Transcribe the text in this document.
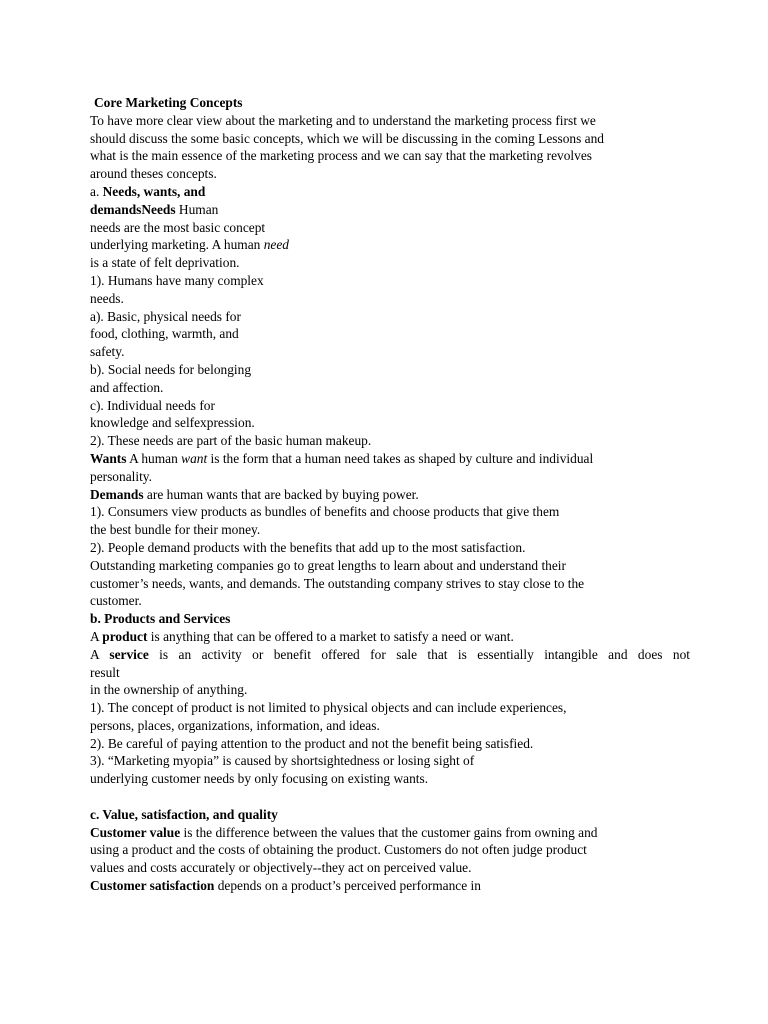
Core Marketing Concepts
To have more clear view about the marketing and to understand the marketing process first we
should discuss the some basic concepts, which we will be discussing in the coming Lessons and
what is the main essence of the marketing process and we can say that the marketing revolves
around theses concepts.
a. Needs, wants, and
demandsNeeds Human
needs are the most basic concept
underlying marketing. A human need
is a state of felt deprivation.
1). Humans have many complex
needs.
a). Basic, physical needs for
food, clothing, warmth, and
safety.
b). Social needs for belonging
and affection.
c). Individual needs for
knowledge and selfexpression.
2). These needs are part of the basic human makeup.
Wants A human want is the form that a human need takes as shaped by culture and individual
personality.
Demands are human wants that are backed by buying power.
1). Consumers view products as bundles of benefits and choose products that give them
the best bundle for their money.
2). People demand products with the benefits that add up to the most satisfaction.
Outstanding marketing companies go to great lengths to learn about and understand their
customer’s needs, wants, and demands. The outstanding company strives to stay close to the
customer.
b. Products and Services
A product is anything that can be offered to a market to satisfy a need or want.
A service is an activity or benefit offered for sale that is essentially intangible and does not
result
in the ownership of anything.
1). The concept of product is not limited to physical objects and can include experiences,
persons, places, organizations, information, and ideas.
2). Be careful of paying attention to the product and not the benefit being satisfied.
3). “Marketing myopia” is caused by shortsightedness or losing sight of
underlying customer needs by only focusing on existing wants.
c. Value, satisfaction, and quality
Customer value is the difference between the values that the customer gains from owning and
using a product and the costs of obtaining the product. Customers do not often judge product
values and costs accurately or objectively--they act on perceived value.
Customer satisfaction depends on a product’s perceived performance in
